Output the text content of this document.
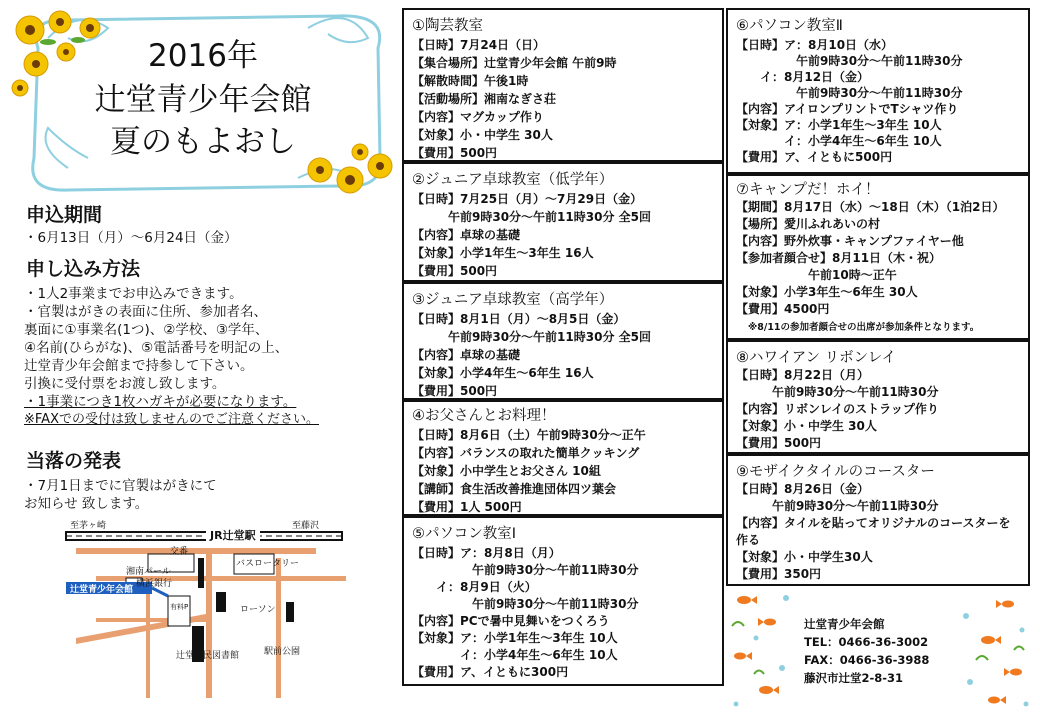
2016年
辻堂青少年会館
夏のもよおし
申込期間
・6月13日（月）～6月24日（金）
申し込み方法
・1人2事業までお申込みできます。
・官製はがきの表面に住所、参加者名、
裏面に①事業名(1つ)、②学校、③学年、
④名前(ひらがな)、⑤電話番号を明記の上、
辻堂青少年会館まで持参して下さい。
引換に受付票をお渡し致します。
・1事業につき1枚ハガキが必要になります。
※FAXでの受付は致しませんのでご注意ください。
当落の発表
・7月1日までに官製はがきにて
お知らせ 致します。
JR辻堂駅
至茅ヶ崎	至藤沢
交番
バスロータリー
湘南パール
横浜銀行
辻堂青少年会館
有料P	ローソン
駅前公園
辻堂市民図書館
①陶芸教室
【日時】7月24日（日）
【集合場所】辻堂青少年会館 午前9時
【解散時間】午後1時
【活動場所】湘南なぎさ荘
【内容】マグカップ作り
【対象】小・中学生 30人
【費用】500円
②ジュニア卓球教室（低学年）
【日時】7月25日（月）～7月29日（金）
　　　午前9時30分～午前11時30分 全5回
【内容】卓球の基礎
【対象】小学1年生～3年生 16人
【費用】500円
③ジュニア卓球教室（高学年）
【日時】8月1日（月）～8月5日（金）
　　　午前9時30分～午前11時30分 全5回
【内容】卓球の基礎
【対象】小学4年生～6年生 16人
【費用】500円
④お父さんとお料理！
【日時】8月6日（土）午前9時30分～正午
【内容】バランスの取れた簡単クッキング
【対象】小中学生とお父さん 10組
【講師】食生活改善推進団体四ツ葉会
【費用】1人 500円
⑤パソコン教室Ⅰ
【日時】ア：8月8日（月）
　　　　　午前9時30分～午前11時30分
　　イ：8月9日（火）
　　　　　午前9時30分～午前11時30分
【内容】PCで暑中見舞いをつくろう
【対象】ア：小学1年生～3年生 10人
　　　　イ：小学4年生～6年生 10人
【費用】ア、イともに300円
⑥パソコン教室Ⅱ
【日時】ア：8月10日（水）
　　　　　午前9時30分～午前11時30分
　　イ：8月12日（金）
　　　　　午前9時30分～午前11時30分
【内容】アイロンプリントでTシャツ作り
【対象】ア：小学1年生～3年生 10人
　　　　イ：小学4年生～6年生 10人
【費用】ア、イともに500円
⑦キャンプだ！ホイ！
【期間】8月17日（水）～18日（木）（1泊2日）
【場所】愛川ふれあいの村
【内容】野外炊事・キャンプファイヤー他
【参加者顔合せ】8月11日（木・祝）
　　　　　　午前10時～正午
【対象】小学3年生～6年生 30人
【費用】4500円
※8/11の参加者顔合せの出席が参加条件となります。
⑧ハワイアン リボンレイ
【日時】8月22日（月）
　　　午前9時30分～午前11時30分
【内容】リボンレイのストラップ作り
【対象】小・中学生 30人
【費用】500円
⑨モザイクタイルのコースター
【日時】8月26日（金）
　　　午前9時30分～午前11時30分
【内容】タイルを貼ってオリジナルのコースターを
作る
【対象】小・中学生30人
【費用】350円
辻堂青少年会館
TEL：0466-36-3002
FAX：0466-36-3988
藤沢市辻堂2-8-31
